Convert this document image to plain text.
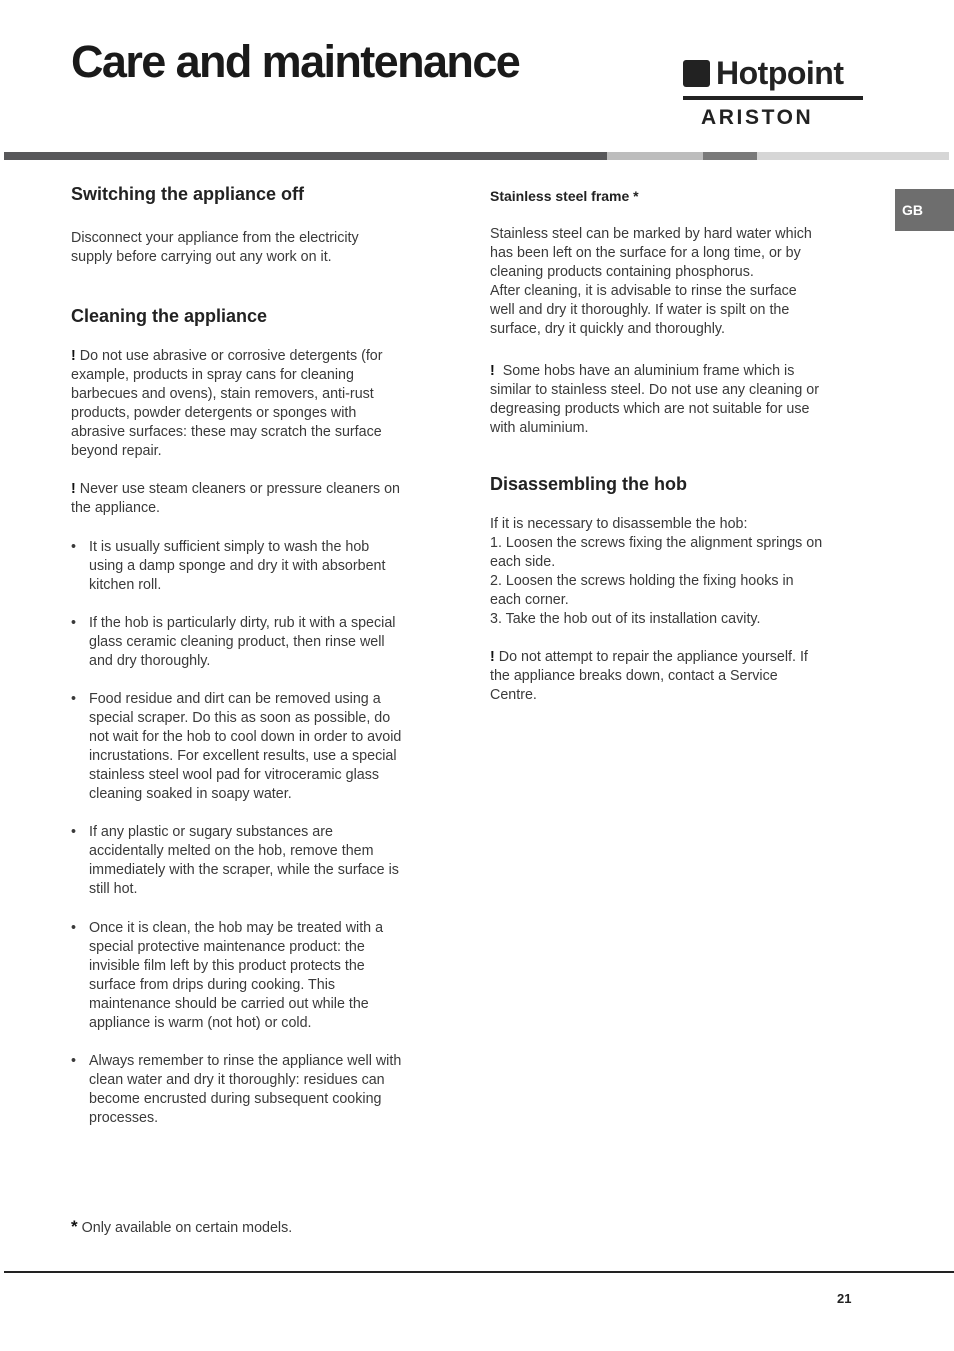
Care and maintenance	Hotpoint
ARISTON
GB
Switching the appliance off

Disconnect your appliance from the electricity
supply before carrying out any work on it.

Cleaning the appliance

! Do not use abrasive or corrosive detergents (for
example, products in spray cans for cleaning
barbecues and ovens), stain removers, anti-rust
products, powder detergents or sponges with
abrasive surfaces: these may scratch the surface
beyond repair.

! Never use steam cleaners or pressure cleaners on
the appliance.

• It is usually sufficient simply to wash the hob
using a damp sponge and dry it with absorbent
kitchen roll.
• If the hob is particularly dirty, rub it with a special
glass ceramic cleaning product, then rinse well
and dry thoroughly.
• Food residue and dirt can be removed using a
special scraper. Do this as soon as possible, do
not wait for the hob to cool down in order to avoid
incrustations. For excellent results, use a special
stainless steel wool pad for vitroceramic glass
cleaning soaked in soapy water.
• If any plastic or sugary substances are
accidentally melted on the hob, remove them
immediately with the scraper, while the surface is
still hot.
• Once it is clean, the hob may be treated with a
special protective maintenance product: the
invisible film left by this product protects the
surface from drips during cooking. This
maintenance should be carried out while the
appliance is warm (not hot) or cold.
• Always remember to rinse the appliance well with
clean water and dry it thoroughly: residues can
become encrusted during subsequent cooking
processes.
Stainless steel frame *

Stainless steel can be marked by hard water which
has been left on the surface for a long time, or by
cleaning products containing phosphorus.
After cleaning, it is advisable to rinse the surface
well and dry it thoroughly. If water is spilt on the
surface, dry it quickly and thoroughly.

! Some hobs have an aluminium frame which is
similar to stainless steel. Do not use any cleaning or
degreasing products which are not suitable for use
with aluminium.

Disassembling the hob

If it is necessary to disassemble the hob:
1. Loosen the screws fixing the alignment springs on
each side.
2. Loosen the screws holding the fixing hooks in
each corner.
3. Take the hob out of its installation cavity.

! Do not attempt to repair the appliance yourself. If
the appliance breaks down, contact a Service
Centre.

* Only available on certain models.
21
